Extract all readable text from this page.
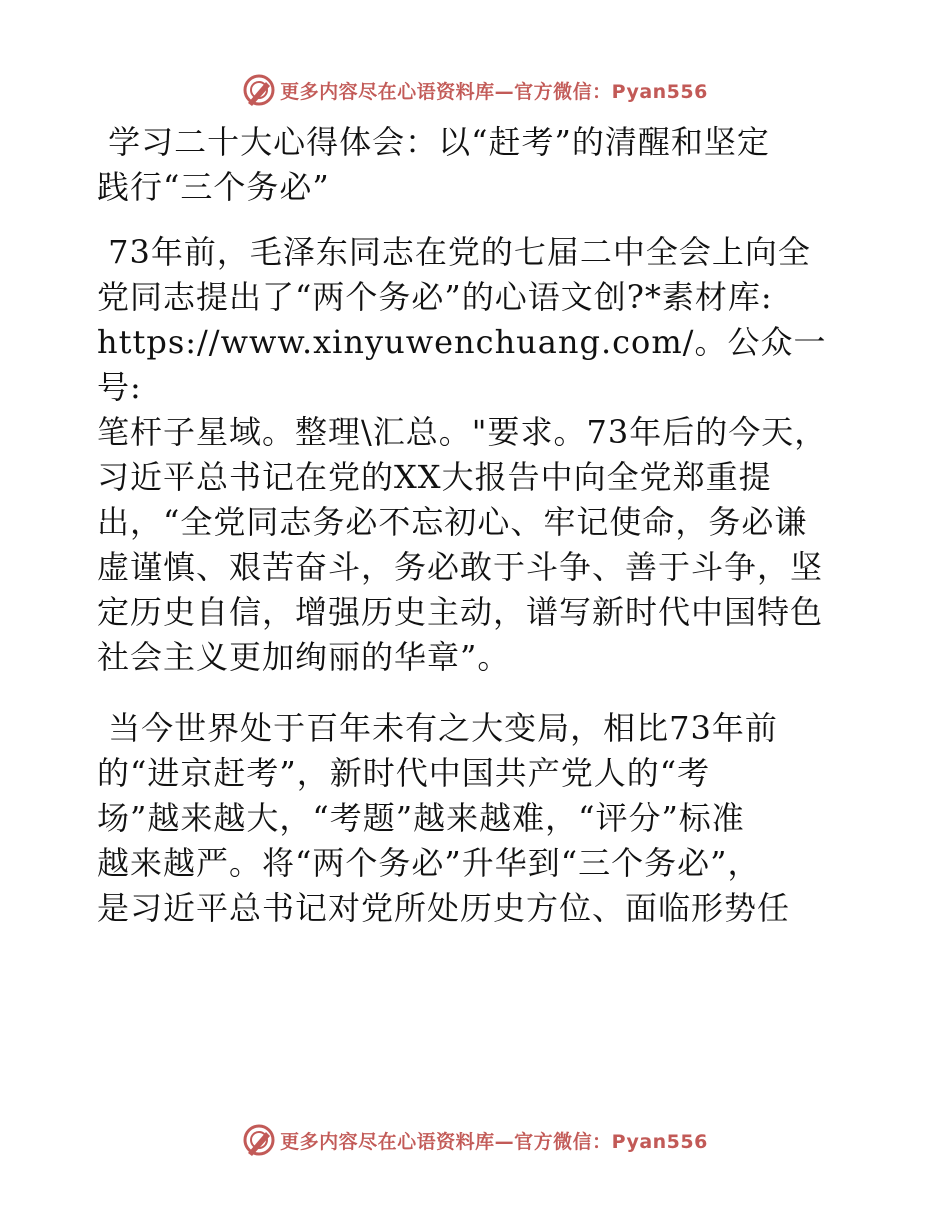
更多内容尽在心语资料库—官方微信：Pyan556
学习二十大心得体会：以“赶考”的清醒和坚定
践行“三个务必”
73年前，毛泽东同志在党的七届二中全会上向全
党同志提出了“两个务必”的心语文创?*素材库:
https://www.xinyuwenchuang.com/。公众一号:
笔杆子星域。整理\汇总。"要求。73年后的今天，
习近平总书记在党的XX大报告中向全党郑重提
出，“全党同志务必不忘初心、牢记使命，务必谦
虚谨慎、艰苦奋斗，务必敢于斗争、善于斗争，坚
定历史自信，增强历史主动，谱写新时代中国特色
社会主义更加绚丽的华章”。
当今世界处于百年未有之大变局，相比73年前
的“进京赶考”，新时代中国共产党人的“考
场”越来越大，“考题”越来越难，“评分”标准
越来越严。将“两个务必”升华到“三个务必”，
是习近平总书记对党所处历史方位、面临形势任
更多内容尽在心语资料库—官方微信：Pyan556
